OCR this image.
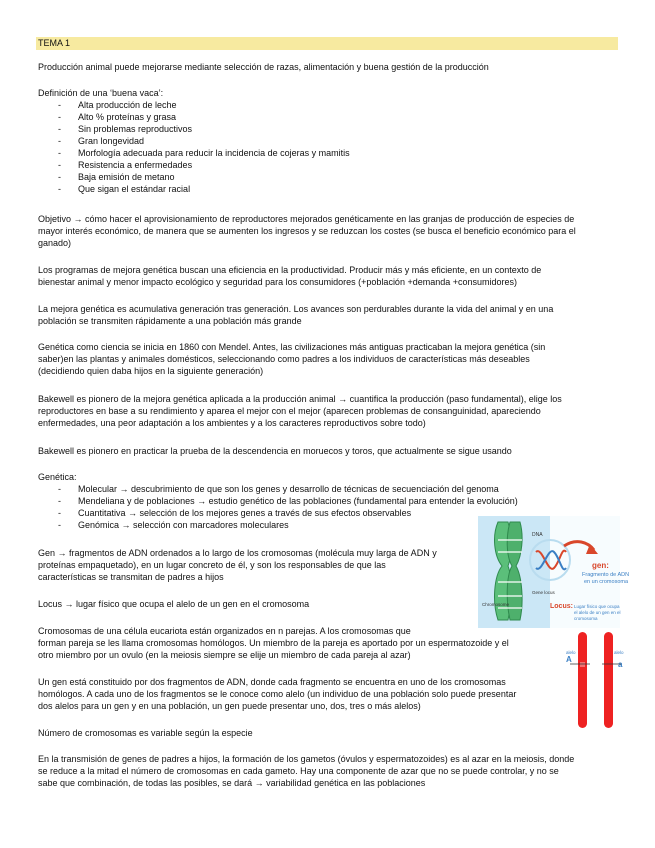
TEMA 1

Producción animal puede mejorarse mediante selección de razas, alimentación y buena gestión de la producción

Definición de una ‘buena vaca’:

- Alta producción de leche
- Alto % proteínas y grasa
- Sin problemas reproductivos
- Gran longevidad
- Morfología adecuada para reducir la incidencia de cojeras y mamitis
- Resistencia a enfermedades
- Baja emisión de metano
- Que sigan el estándar racial

Objetivo → cómo hacer el aprovisionamiento de reproductores mejorados genéticamente en las granjas de producción de especies de
mayor interés económico, de manera que se aumenten los ingresos y se reduzcan los costes (se busca el beneficio económico para el
ganado)

Los programas de mejora genética buscan una eficiencia en la productividad. Producir más y más eficiente, en un contexto de
bienestar animal y menor impacto ecológico y seguridad para los consumidores (+población +demanda +consumidores)

La mejora genética es acumulativa generación tras generación. Los avances son perdurables durante la vida del animal y en una
población se transmiten rápidamente a una población más grande

Genética como ciencia se inicia en 1860 con Mendel. Antes, las civilizaciones más antiguas practicaban la mejora genética (sin
saber)en las plantas y animales domésticos, seleccionando como padres a los individuos de características más deseables
(decidiendo quien daba hijos en la siguiente generación)

Bakewell es pionero de la mejora genética aplicada a la producción animal → cuantifica la producción (paso fundamental), elige los
reproductores en base a su rendimiento y aparea el mejor con el mejor (aparecen problemas de consanguinidad, apareciendo
enfermedades, una peor adaptación a los ambientes y a los caracteres reproductivos sobre todo)

Bakewell es pionero en practicar la prueba de la descendencia en moruecos y toros, que actualmente se sigue usando

Genética:

- Molecular → descubrimiento de que son los genes y desarrollo de técnicas de secuenciación del genoma
- Mendeliana y de poblaciones → estudio genético de las poblaciones (fundamental para entender la evolución)
- Cuantitativa → selección de los mejores genes a través de sus efectos observables
- Genómica → selección con marcadores moleculares

Gen → fragmentos de ADN ordenados a lo largo de los cromosomas (molécula muy larga de ADN y
proteínas empaquetado), en un lugar concreto de él, y son los responsables de que las
características se transmitan de padres a hijos

Locus → lugar físico que ocupa el alelo de un gen en el cromosoma

Cromosomas de una célula eucariota están organizados en n parejas. A los cromosomas que
forman pareja se les llama cromosomas homólogos. Un miembro de la pareja es aportado por un espermatozoide y el
otro miembro por un ovulo (en la meiosis siempre se elije un miembro de cada pareja al azar)

Un gen está constituido por dos fragmentos de ADN, donde cada fragmento se encuentra en uno de los cromosomas
homólogos. A cada uno de los fragmentos se le conoce como alelo (un individuo de una población solo puede presentar
dos alelos para un gen y en una población, un gen puede presentar uno, dos, tres o más alelos)

Número de cromosomas es variable según la especie

En la transmisión de genes de padres a hijos, la formación de los gametos (óvulos y espermatozoides) es al azar en la meiosis, donde
se reduce a la mitad el número de cromosomas en cada gameto. Hay una componente de azar que no se puede controlar, y no se
sabe que combinación, de todas las posibles, se dará → variabilidad genética en las poblaciones

DNA
Chromosome
Gene locus
gen:
Fragmento de ADN
en un cromosoma
Locus: Lugar físico que ocupa
el alelo de un gen en el
cromosoma
alelo
A
alelo
a
